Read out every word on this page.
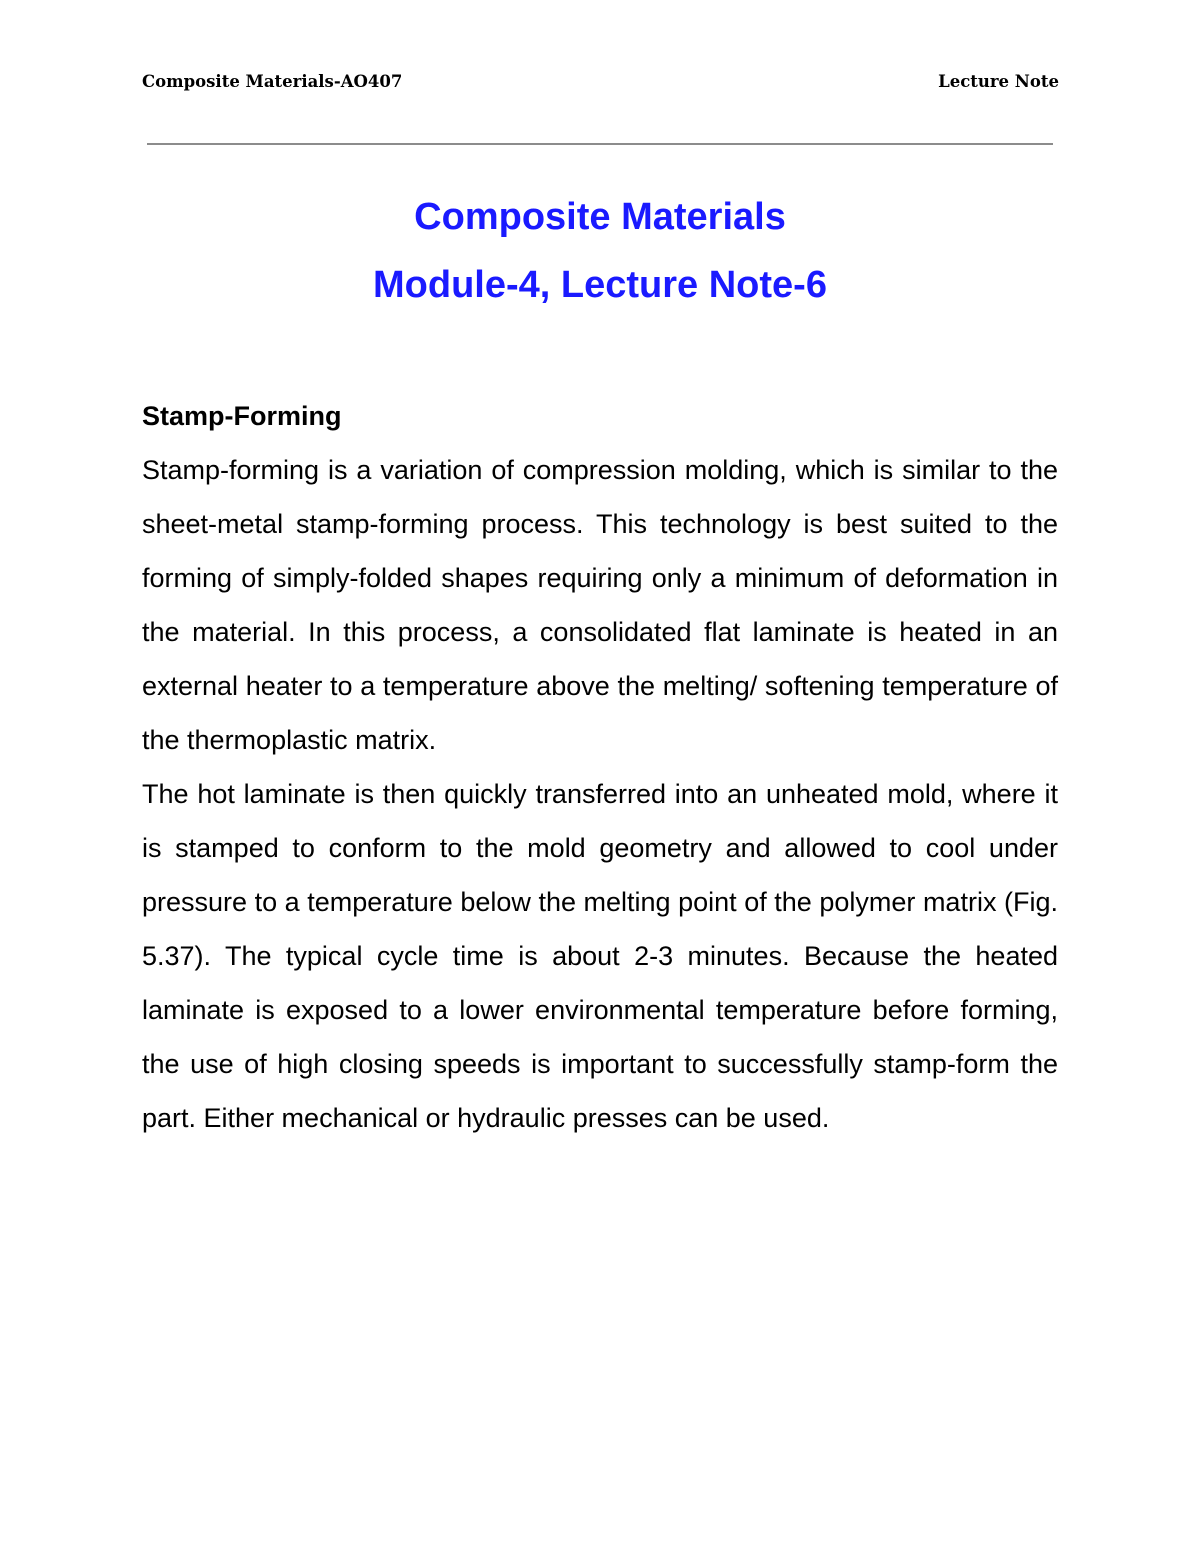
Composite Materials-AO407	Lecture Note
Composite Materials
Module-4, Lecture Note-6

Stamp-Forming

Stamp-forming is a variation of compression molding, which is similar to the sheet-metal stamp-forming process. This technology is best suited to the forming of simply-folded shapes requiring only a minimum of deformation in the material. In this process, a consolidated flat laminate is heated in an external heater to a temperature above the melting/ softening temperature of the thermoplastic matrix.

The hot laminate is then quickly transferred into an unheated mold, where it is stamped to conform to the mold geometry and allowed to cool under pressure to a temperature below the melting point of the polymer matrix (Fig. 5.37). The typical cycle time is about 2-3 minutes. Because the heated laminate is exposed to a lower environmental temperature before forming, the use of high closing speeds is important to successfully stamp-form the part. Either mechanical or hydraulic presses can be used.
